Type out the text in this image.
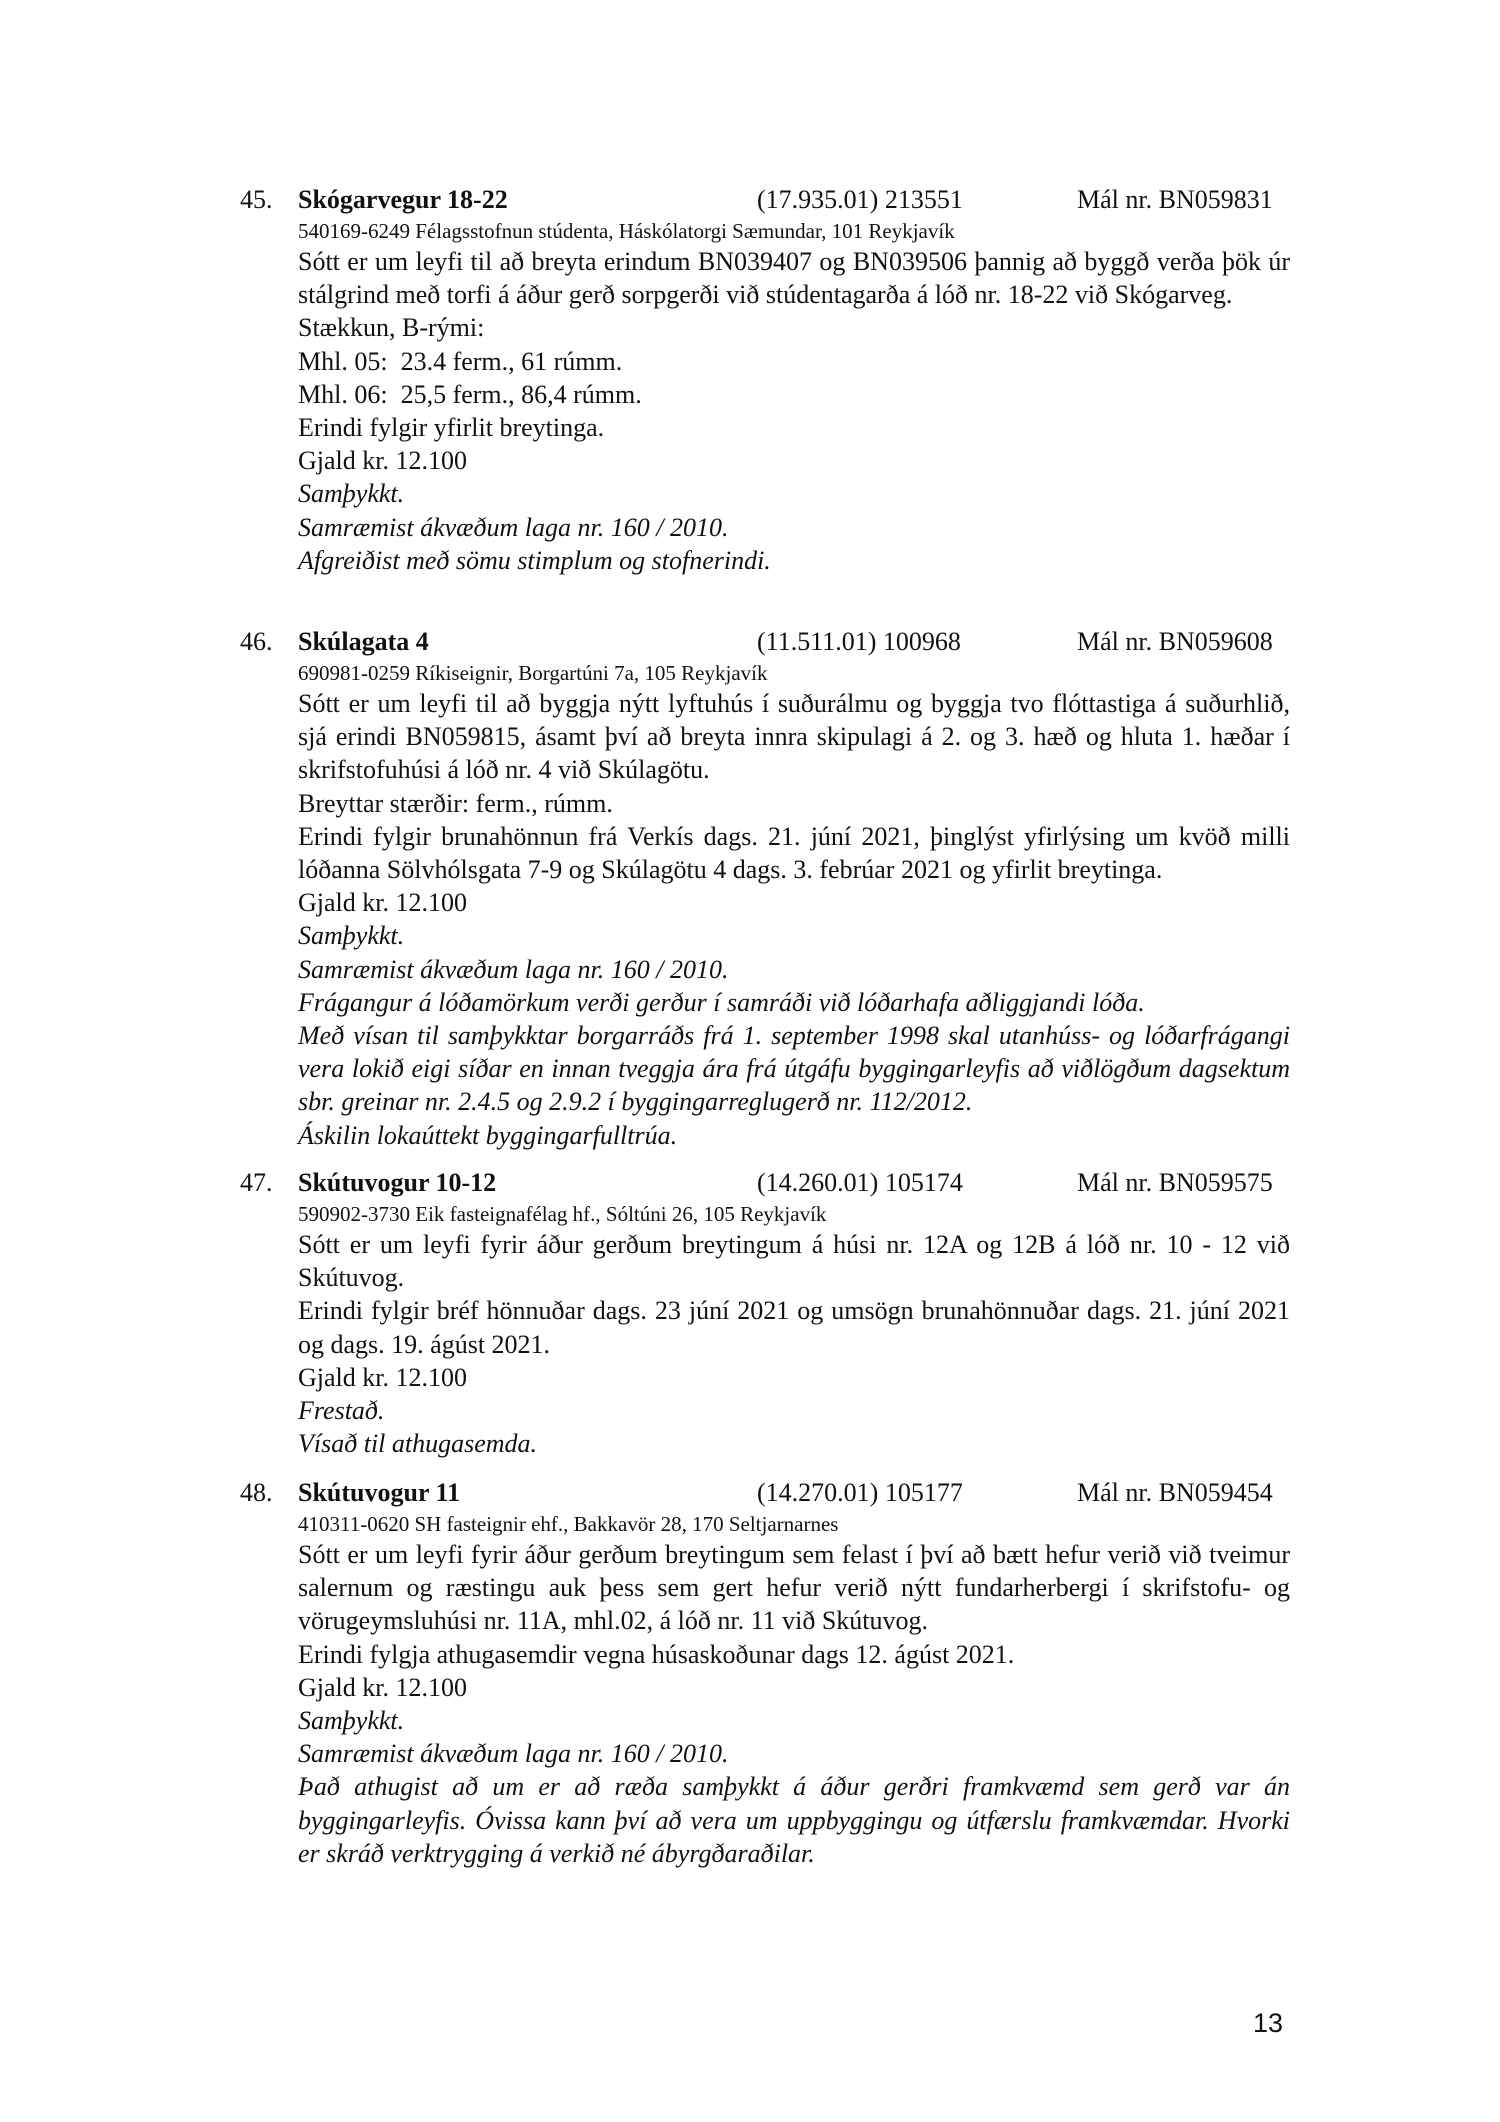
45. Skógarvegur 18-22	(17.935.01) 213551	Mál nr. BN059831
540169-6249 Félagsstofnun stúdenta, Háskólatorgi Sæmundar, 101 Reykjavík

Sótt er um leyfi til að breyta erindum BN039407 og BN039506 þannig að byggð verða þök úr stálgrind með torfi á áður gerð sorpgerði við stúdentagarða á lóð nr. 18-22 við Skógarveg.

Stækkun, B-rými:

Mhl. 05:  23.4 ferm., 61 rúmm.

Mhl. 06:  25,5 ferm., 86,4 rúmm.

Erindi fylgir yfirlit breytinga.

Gjald kr. 12.100

Samþykkt.

Samræmist ákvæðum laga nr. 160 / 2010.

Afgreiðist með sömu stimplum og stofnerindi.

46. Skúlagata 4	(11.511.01) 100968	Mál nr. BN059608
690981-0259 Ríkiseignir, Borgartúni 7a, 105 Reykjavík

Sótt er um leyfi til að byggja nýtt lyftuhús í suðurálmu og byggja tvo flóttastiga á suðurhlið, sjá erindi BN059815, ásamt því að breyta innra skipulagi á 2. og 3. hæð og hluta 1. hæðar í skrifstofuhúsi á lóð nr. 4 við Skúlagötu.

Breyttar stærðir: ferm., rúmm.

Erindi fylgir brunahönnun frá Verkís dags. 21. júní 2021, þinglýst yfirlýsing um kvöð milli lóðanna Sölvhólsgata 7-9 og Skúlagötu 4 dags. 3. febrúar 2021 og yfirlit breytinga.

Gjald kr. 12.100

Samþykkt.

Samræmist ákvæðum laga nr. 160 / 2010.

Frágangur á lóðamörkum verði gerður í samráði við lóðarhafa aðliggjandi lóða.

Með vísan til samþykktar borgarráðs frá 1. september 1998 skal utanhúss- og lóðarfrágangi vera lokið eigi síðar en innan tveggja ára frá útgáfu byggingarleyfis að viðlögðum dagsektum sbr. greinar nr. 2.4.5 og 2.9.2 í byggingarreglugerð nr. 112/2012.

Áskilin lokaúttekt byggingarfulltrúa.

47. Skútuvogur 10-12	(14.260.01) 105174	Mál nr. BN059575
590902-3730 Eik fasteignafélag hf., Sóltúni 26, 105 Reykjavík

Sótt er um leyfi fyrir áður gerðum breytingum á húsi nr. 12A og 12B á lóð nr. 10 - 12 við Skútuvog.

Erindi fylgir bréf hönnuðar dags. 23 júní 2021 og umsögn brunahönnuðar dags. 21. júní 2021 og dags. 19. ágúst 2021.

Gjald kr. 12.100

Frestað.

Vísað til athugasemda.

48. Skútuvogur 11	(14.270.01) 105177	Mál nr. BN059454
410311-0620 SH fasteignir ehf., Bakkavör 28, 170 Seltjarnarnes

Sótt er um leyfi fyrir áður gerðum breytingum sem felast í því að bætt hefur verið við tveimur salernum og ræstingu auk þess sem gert hefur verið nýtt fundarherbergi í skrifstofu- og vörugeymsluhúsi nr. 11A, mhl.02, á lóð nr. 11 við Skútuvog.

Erindi fylgja athugasemdir vegna húsaskoðunar dags 12. ágúst 2021.

Gjald kr. 12.100

Samþykkt.

Samræmist ákvæðum laga nr. 160 / 2010.

Það athugist að um er að ræða samþykkt á áður gerðri framkvæmd sem gerð var án byggingarleyfis. Óvissa kann því að vera um uppbyggingu og útfærslu framkvæmdar. Hvorki er skráð verktrygging á verkið né ábyrgðaraðilar.

13
